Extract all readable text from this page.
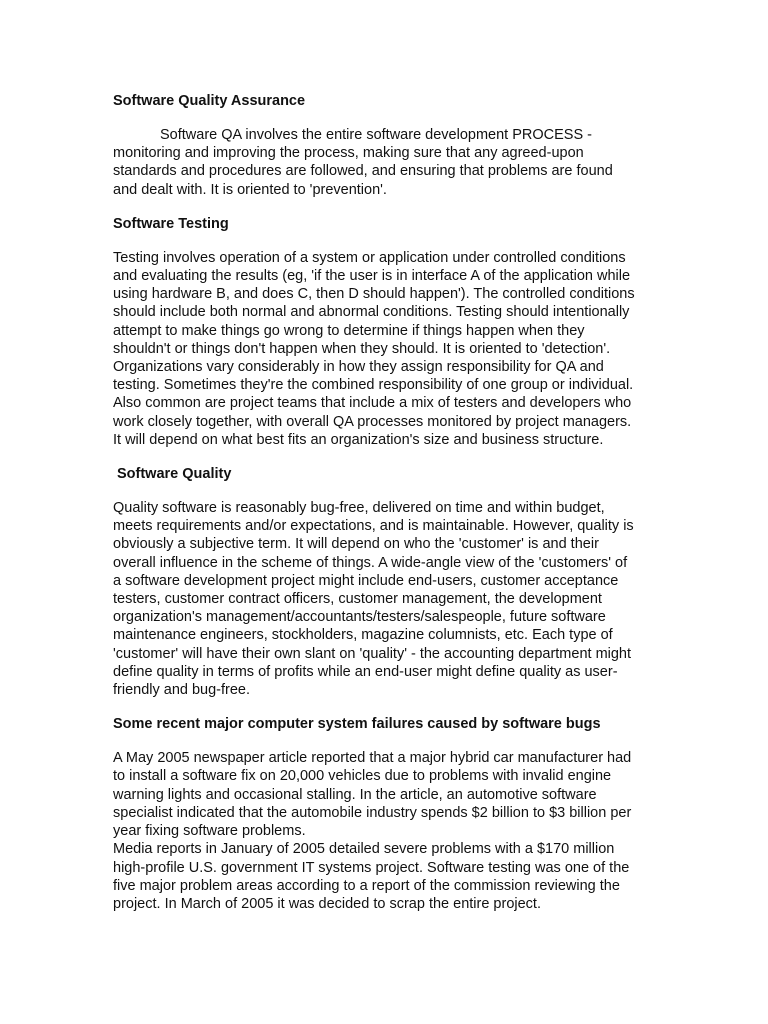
Software Quality Assurance

Software QA involves the entire software development PROCESS -
monitoring and improving the process, making sure that any agreed-upon
standards and procedures are followed, and ensuring that problems are found
and dealt with. It is oriented to 'prevention'.

Software Testing

Testing involves operation of a system or application under controlled conditions
and evaluating the results (eg, 'if the user is in interface A of the application while
using hardware B, and does C, then D should happen'). The controlled conditions
should include both normal and abnormal conditions. Testing should intentionally
attempt to make things go wrong to determine if things happen when they
shouldn't or things don't happen when they should. It is oriented to 'detection'.
Organizations vary considerably in how they assign responsibility for QA and
testing. Sometimes they're the combined responsibility of one group or individual.
Also common are project teams that include a mix of testers and developers who
work closely together, with overall QA processes monitored by project managers.
It will depend on what best fits an organization's size and business structure.

Software Quality

Quality software is reasonably bug-free, delivered on time and within budget,
meets requirements and/or expectations, and is maintainable. However, quality is
obviously a subjective term. It will depend on who the 'customer' is and their
overall influence in the scheme of things. A wide-angle view of the 'customers' of
a software development project might include end-users, customer acceptance
testers, customer contract officers, customer management, the development
organization's management/accountants/testers/salespeople, future software
maintenance engineers, stockholders, magazine columnists, etc. Each type of
'customer' will have their own slant on 'quality' - the accounting department might
define quality in terms of profits while an end-user might define quality as user-
friendly and bug-free.

Some recent major computer system failures caused by software bugs

A May 2005 newspaper article reported that a major hybrid car manufacturer had
to install a software fix on 20,000 vehicles due to problems with invalid engine
warning lights and occasional stalling. In the article, an automotive software
specialist indicated that the automobile industry spends $2 billion to $3 billion per
year fixing software problems.
Media reports in January of 2005 detailed severe problems with a $170 million
high-profile U.S. government IT systems project. Software testing was one of the
five major problem areas according to a report of the commission reviewing the
project. In March of 2005 it was decided to scrap the entire project.
